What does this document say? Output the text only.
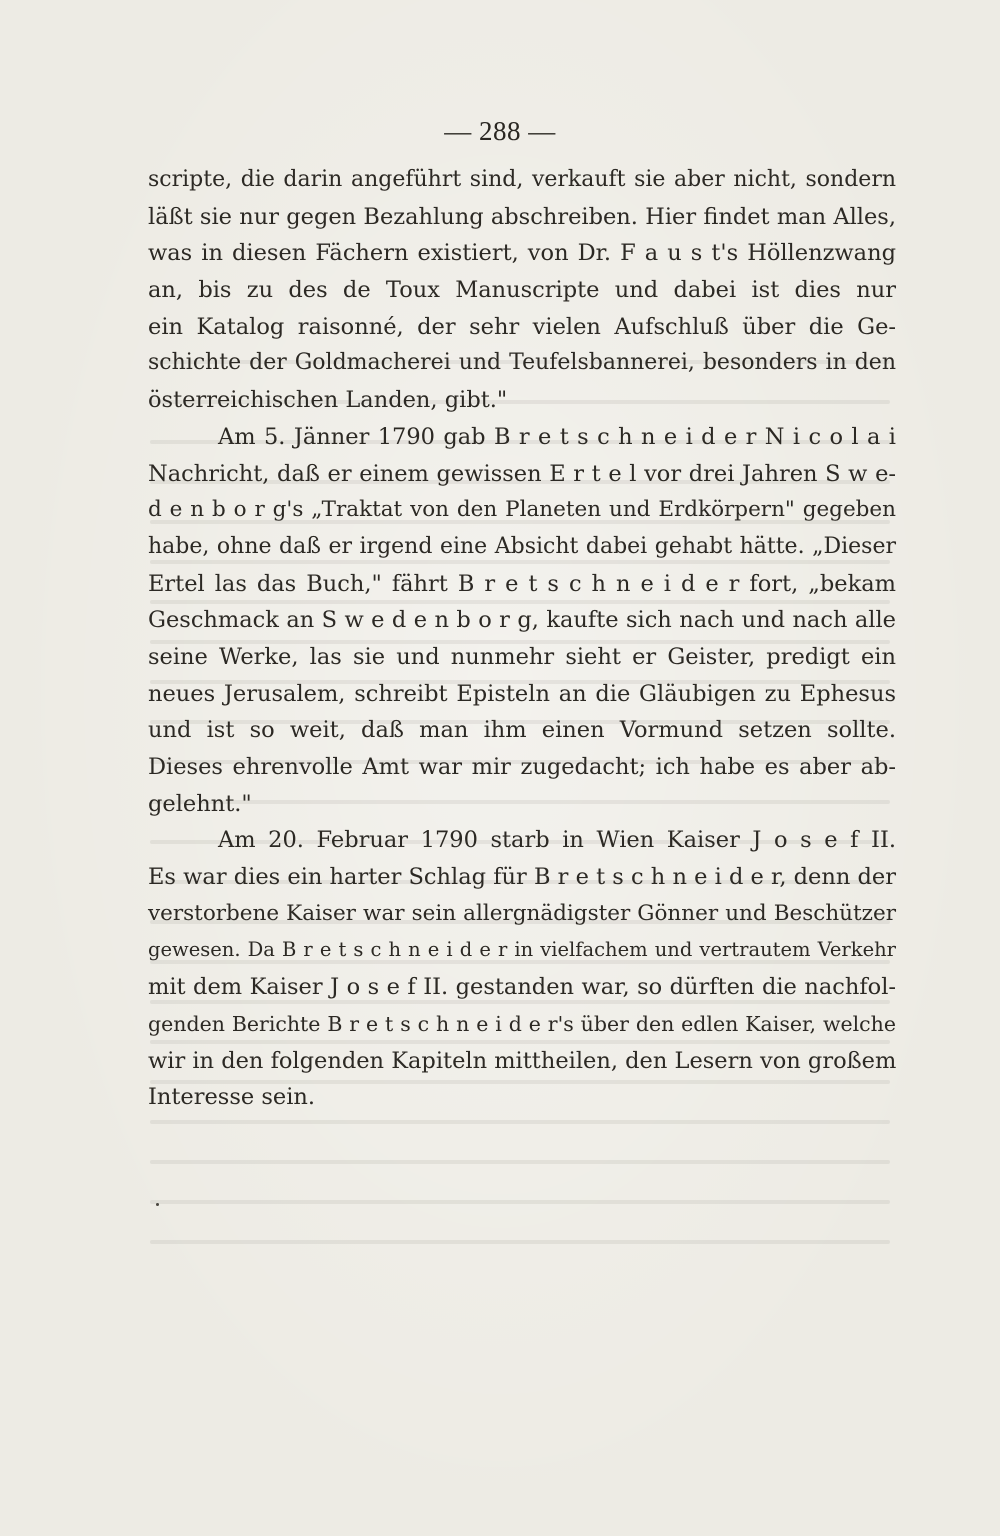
— 288 —
scripte, die darin angeführt sind, verkauft sie aber nicht, sondern
läßt sie nur gegen Bezahlung abschreiben. Hier findet man Alles,
was in diesen Fächern existiert, von Dr. F a u s t's Höllenzwang
an, bis zu des de Toux Manuscripte und dabei ist dies nur
ein Katalog raisonné, der sehr vielen Aufschluß über die Ge-
schichte der Goldmacherei und Teufelsbannerei, besonders in den
österreichischen Landen, gibt."
Am 5. Jänner 1790 gab B r e t s c h n e i d e r N i c o l a i
Nachricht, daß er einem gewissen E r t e l vor drei Jahren S w e-
d e n b o r g's „Traktat von den Planeten und Erdkörpern" gegeben
habe, ohne daß er irgend eine Absicht dabei gehabt hätte. „Dieser
Ertel las das Buch," fährt B r e t s c h n e i d e r fort, „bekam
Geschmack an S w e d e n b o r g, kaufte sich nach und nach alle
seine Werke, las sie und nunmehr sieht er Geister, predigt ein
neues Jerusalem, schreibt Episteln an die Gläubigen zu Ephesus
und ist so weit, daß man ihm einen Vormund setzen sollte.
Dieses ehrenvolle Amt war mir zugedacht; ich habe es aber ab-
gelehnt."
Am 20. Februar 1790 starb in Wien Kaiser J o s e f II.
Es war dies ein harter Schlag für B r e t s c h n e i d e r, denn der
verstorbene Kaiser war sein allergnädigster Gönner und Beschützer
gewesen. Da B r e t s c h n e i d e r in vielfachem und vertrautem Verkehr
mit dem Kaiser J o s e f II. gestanden war, so dürften die nachfol-
genden Berichte B r e t s c h n e i d e r's über den edlen Kaiser, welche
wir in den folgenden Kapiteln mittheilen, den Lesern von großem
Interesse sein.
